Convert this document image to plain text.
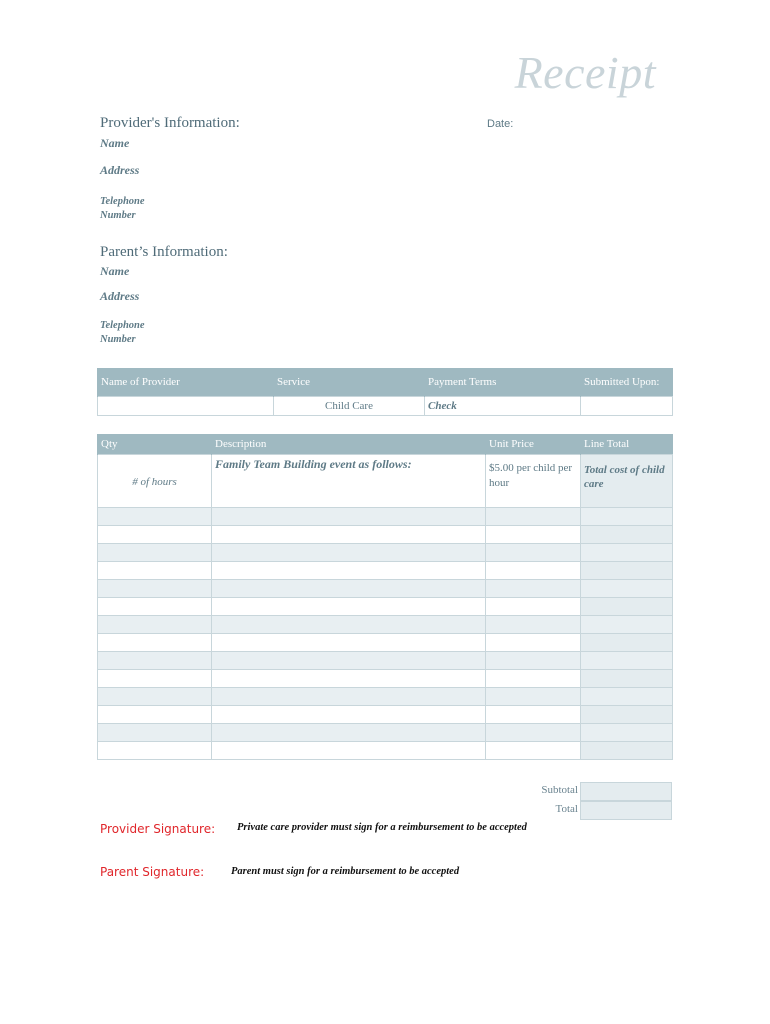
Receipt
Provider's Information:	Date:
Name
Address
Telephone
Number
Parent’s Information:
Name
Address
Telephone
Number
Name of Provider	Service	Payment Terms	Submitted Upon:
	Child Care	Check	
Qty	Description	Unit Price	Line Total
# of hours	Family Team Building event as follows:	$5.00 per child per hour	Total cost of child care

Subtotal
Total
Provider Signature: Private care provider must sign for a reimbursement to be accepted
Parent Signature:	Parent must sign for a reimbursement to be accepted
